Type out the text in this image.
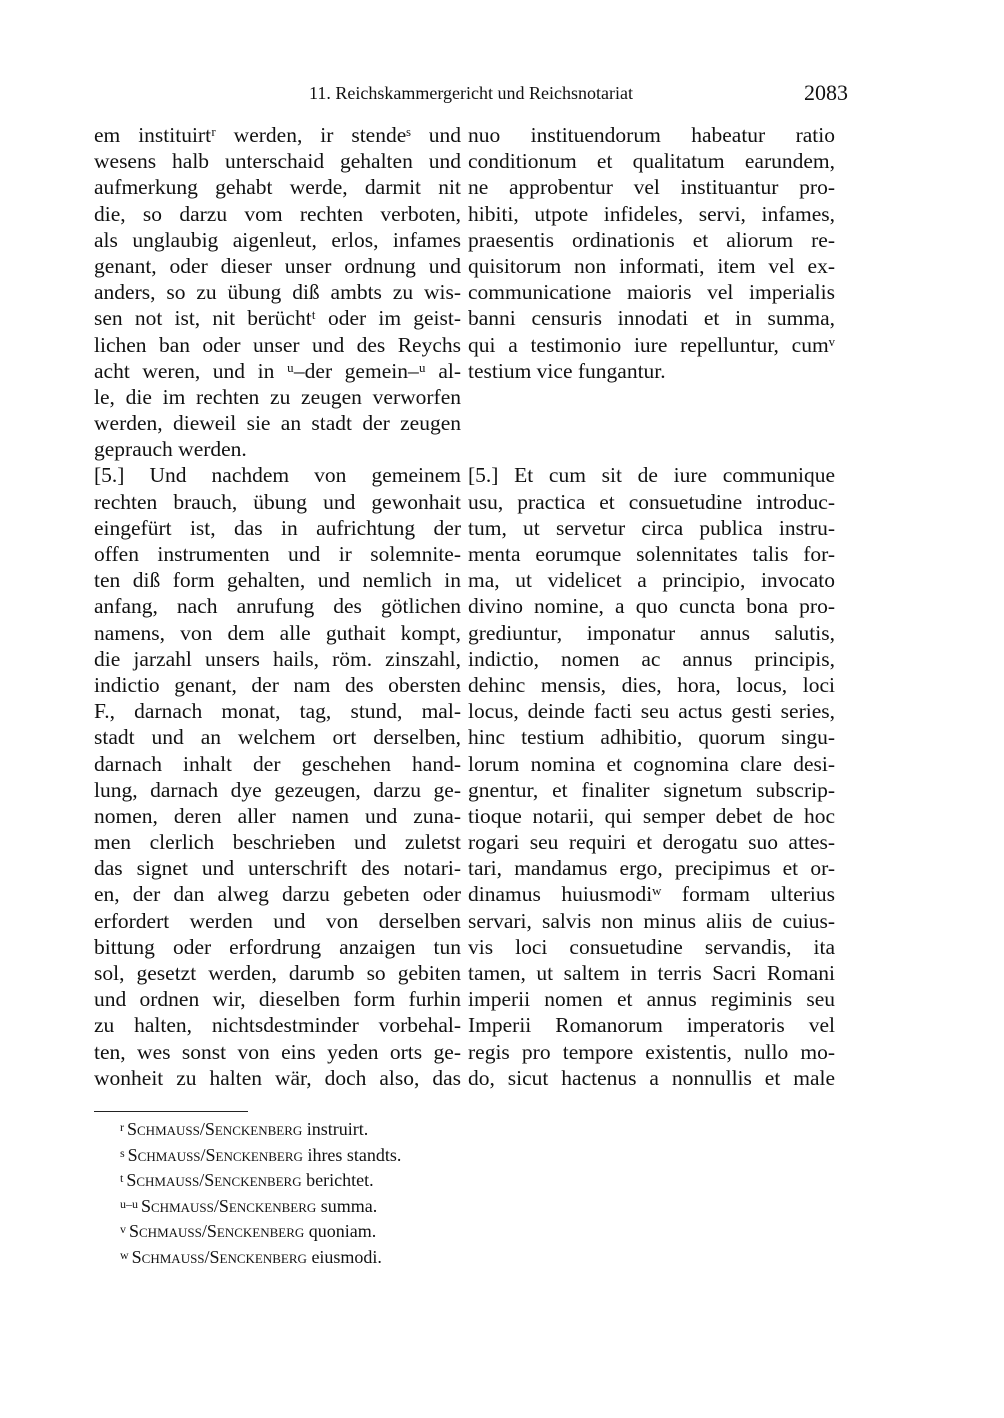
11. Reichskammergericht und Reichsnotariat	2083
em instituirtʳ werden, ir stendeˢ und
wesens halb unterschaid gehalten und
aufmerkung gehabt werde, darmit nit
die, so darzu vom rechten verboten,
als unglaubig aigenleut, erlos, infames
genant, oder dieser unser ordnung und
anders, so zu übung diß ambts zu wis-
sen not ist, nit berüchtᵗ oder im geist-
lichen ban oder unser und des Reychs
acht weren, und in ᵘ–der gemein–ᵘ al-
le, die im rechten zu zeugen verworfen
werden, dieweil sie an stadt der zeugen
geprauch werden.
[5.] Und nachdem von gemeinem
rechten brauch, übung und gewonhait
eingefürt ist, das in aufrichtung der
offen instrumenten und ir solemnite-
ten diß form gehalten, und nemlich in
anfang, nach anrufung des götlichen
namens, von dem alle guthait kompt,
die jarzahl unsers hails, röm. zinszahl,
indictio genant, der nam des obersten
F., darnach monat, tag, stund, mal-
stadt und an welchem ort derselben,
darnach inhalt der geschehen hand-
lung, darnach dye gezeugen, darzu ge-
nomen, deren aller namen und zuna-
men clerlich beschrieben und zuletst
das signet und unterschrift des notari-
en, der dan alweg darzu gebeten oder
erfordert werden und von derselben
bittung oder erfordrung anzaigen tun
sol, gesetzt werden, darumb so gebiten
und ordnen wir, dieselben form furhin
zu halten, nichtsdestminder vorbehal-
ten, wes sonst von eins yeden orts ge-
wonheit zu halten wär, doch also, das
nuo instituendorum habeatur ratio
conditionum et qualitatum earundem,
ne approbentur vel instituantur pro-
hibiti, utpote infideles, servi, infames,
praesentis ordinationis et aliorum re-
quisitorum non informati, item vel ex-
communicatione maioris vel imperialis
banni censuris innodati et in summa,
qui a testimonio iure repelluntur, cumᵛ
testium vice fungantur.

[5.] Et cum sit de iure communique
usu, practica et consuetudine introduc-
tum, ut servetur circa publica instru-
menta eorumque solennitates talis for-
ma, ut videlicet a principio, invocato
divino nomine, a quo cuncta bona pro-
grediuntur, imponatur annus salutis,
indictio, nomen ac annus principis,
dehinc mensis, dies, hora, locus, loci
locus, deinde facti seu actus gesti series,
hinc testium adhibitio, quorum singu-
lorum nomina et cognomina clare desi-
gnentur, et finaliter signetum subscrip-
tioque notarii, qui semper debet de hoc
rogari seu requiri et derogatu suo attes-
tari, mandamus ergo, precipimus et or-
dinamus huiusmodiʷ formam ulterius
servari, salvis non minus aliis de cuius-
vis loci consuetudine servandis, ita
tamen, ut saltem in terris Sacri Romani
imperii nomen et annus regiminis seu
Imperii Romanorum imperatoris vel
regis pro tempore existentis, nullo mo-
do, sicut hactenus a nonnullis et male
$^r$ Schmauss/Senckenberg instruirt.
$^s$ Schmauss/Senckenberg ihres standts.
$^t$ Schmauss/Senckenberg berichtet.
$^{u-u}$ Schmauss/Senckenberg summa.
$^v$ Schmauss/Senckenberg quoniam.
$^w$ Schmauss/Senckenberg eiusmodi.
